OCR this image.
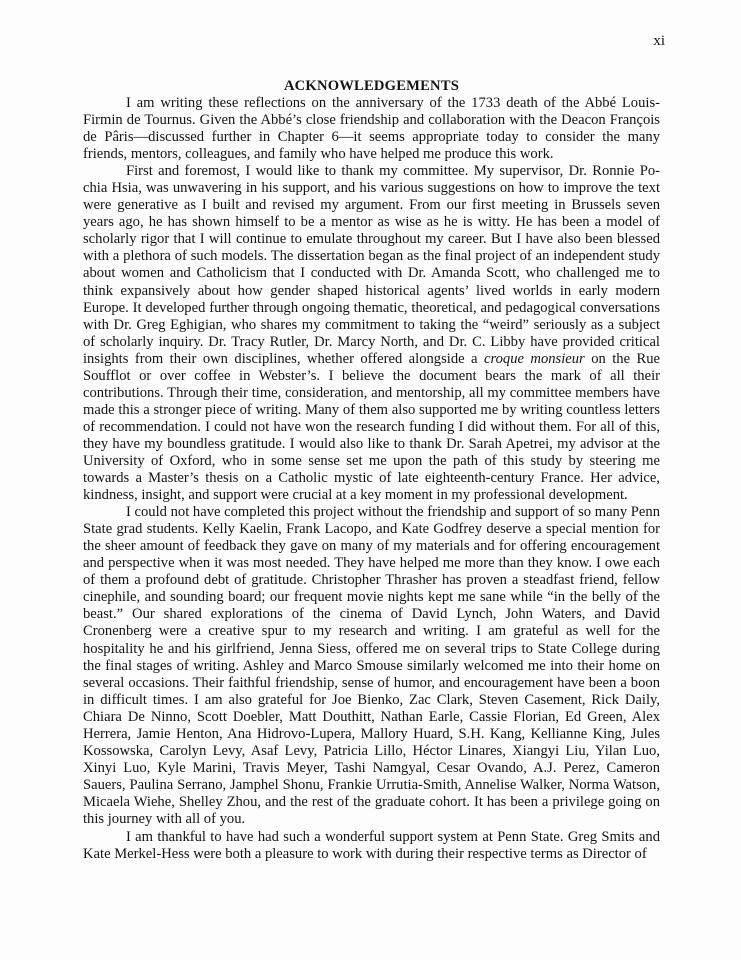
xi
ACKNOWLEDGEMENTS

I am writing these reflections on the anniversary of the 1733 death of the Abbé Louis-Firmin de Tournus. Given the Abbé’s close friendship and collaboration with the Deacon François de Pâris—discussed further in Chapter 6—it seems appropriate today to consider the many friends, mentors, colleagues, and family who have helped me produce this work.

First and foremost, I would like to thank my committee. My supervisor, Dr. Ronnie Po-chia Hsia, was unwavering in his support, and his various suggestions on how to improve the text were generative as I built and revised my argument. From our first meeting in Brussels seven years ago, he has shown himself to be a mentor as wise as he is witty. He has been a model of scholarly rigor that I will continue to emulate throughout my career. But I have also been blessed with a plethora of such models. The dissertation began as the final project of an independent study about women and Catholicism that I conducted with Dr. Amanda Scott, who challenged me to think expansively about how gender shaped historical agents’ lived worlds in early modern Europe. It developed further through ongoing thematic, theoretical, and pedagogical conversations with Dr. Greg Eghigian, who shares my commitment to taking the “weird” seriously as a subject of scholarly inquiry. Dr. Tracy Rutler, Dr. Marcy North, and Dr. C. Libby have provided critical insights from their own disciplines, whether offered alongside a croque monsieur on the Rue Soufflot or over coffee in Webster’s. I believe the document bears the mark of all their contributions. Through their time, consideration, and mentorship, all my committee members have made this a stronger piece of writing. Many of them also supported me by writing countless letters of recommendation. I could not have won the research funding I did without them. For all of this, they have my boundless gratitude. I would also like to thank Dr. Sarah Apetrei, my advisor at the University of Oxford, who in some sense set me upon the path of this study by steering me towards a Master’s thesis on a Catholic mystic of late eighteenth-century France. Her advice, kindness, insight, and support were crucial at a key moment in my professional development.

I could not have completed this project without the friendship and support of so many Penn State grad students. Kelly Kaelin, Frank Lacopo, and Kate Godfrey deserve a special mention for the sheer amount of feedback they gave on many of my materials and for offering encouragement and perspective when it was most needed. They have helped me more than they know. I owe each of them a profound debt of gratitude. Christopher Thrasher has proven a steadfast friend, fellow cinephile, and sounding board; our frequent movie nights kept me sane while “in the belly of the beast.” Our shared explorations of the cinema of David Lynch, John Waters, and David Cronenberg were a creative spur to my research and writing. I am grateful as well for the hospitality he and his girlfriend, Jenna Siess, offered me on several trips to State College during the final stages of writing. Ashley and Marco Smouse similarly welcomed me into their home on several occasions. Their faithful friendship, sense of humor, and encouragement have been a boon in difficult times. I am also grateful for Joe Bienko, Zac Clark, Steven Casement, Rick Daily, Chiara De Ninno, Scott Doebler, Matt Douthitt, Nathan Earle, Cassie Florian, Ed Green, Alex Herrera, Jamie Henton, Ana Hidrovo-Lupera, Mallory Huard, S.H. Kang, Kellianne King, Jules Kossowska, Carolyn Levy, Asaf Levy, Patricia Lillo, Héctor Linares, Xiangyi Liu, Yilan Luo, Xinyi Luo, Kyle Marini, Travis Meyer, Tashi Namgyal, Cesar Ovando, A.J. Perez, Cameron Sauers, Paulina Serrano, Jamphel Shonu, Frankie Urrutia-Smith, Annelise Walker, Norma Watson, Micaela Wiehe, Shelley Zhou, and the rest of the graduate cohort. It has been a privilege going on this journey with all of you.

I am thankful to have had such a wonderful support system at Penn State. Greg Smits and Kate Merkel-Hess were both a pleasure to work with during their respective terms as Director of
